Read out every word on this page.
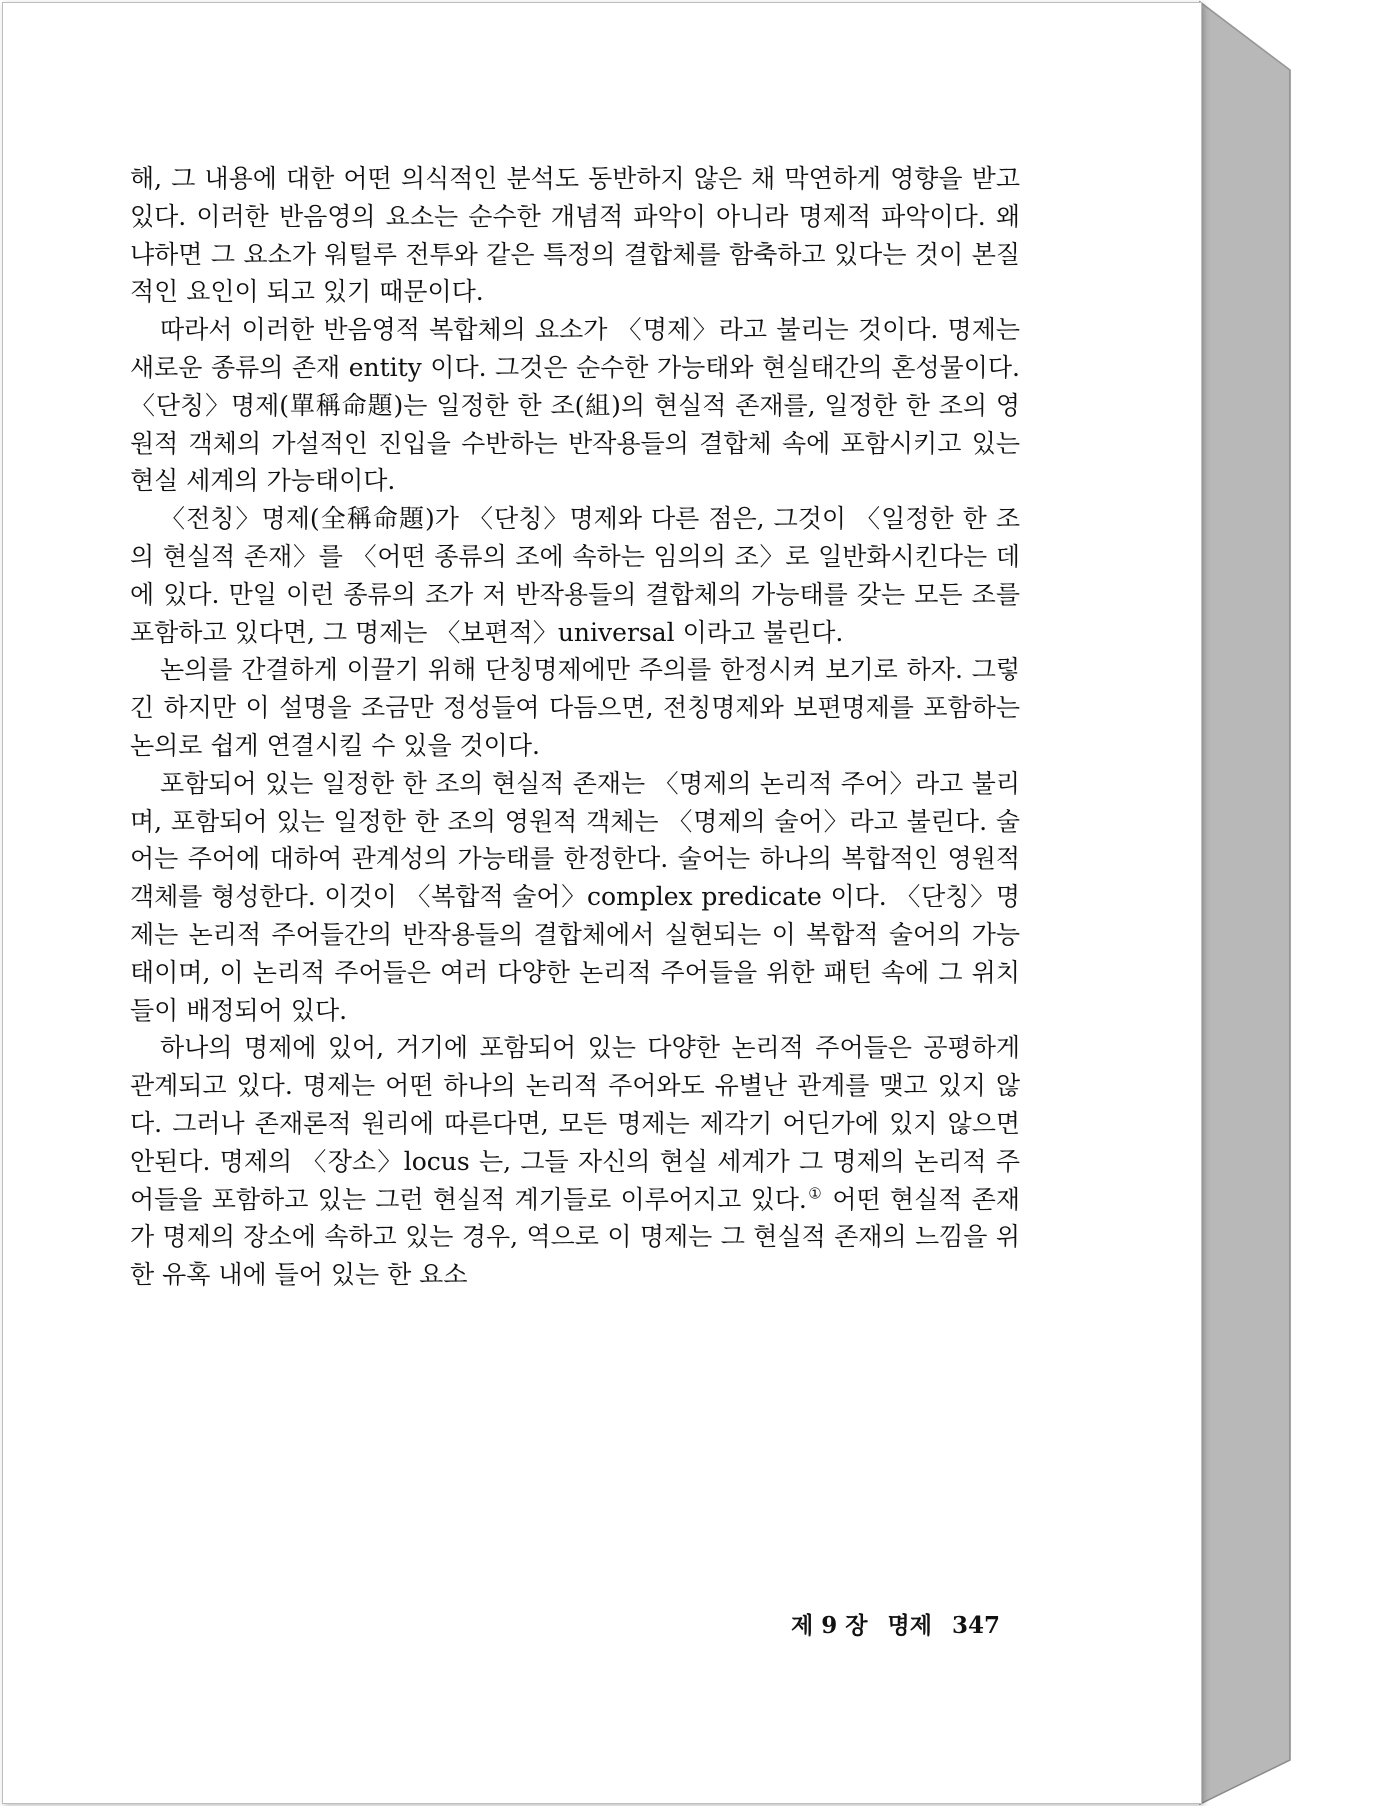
해, 그 내용에 대한 어떤 의식적인 분석도 동반하지 않은 채 막연하게 영향을 받고 있다. 이러한 반음영의 요소는 순수한 개념적 파악이 아니라 명제적 파악이다. 왜냐하면 그 요소가 워털루 전투와 같은 특정의 결합체를 함축하고 있다는 것이 본질적인 요인이 되고 있기 때문이다.

따라서 이러한 반음영적 복합체의 요소가 〈명제〉라고 불리는 것이다. 명제는 새로운 종류의 존재 entity 이다. 그것은 순수한 가능태와 현실태간의 혼성물이다. 〈단칭〉명제(單稱命題)는 일정한 한 조(組)의 현실적 존재를, 일정한 한 조의 영원적 객체의 가설적인 진입을 수반하는 반작용들의 결합체 속에 포함시키고 있는 현실 세계의 가능태이다.

〈전칭〉명제(全稱命題)가 〈단칭〉명제와 다른 점은, 그것이 〈일정한 한 조의 현실적 존재〉를 〈어떤 종류의 조에 속하는 임의의 조〉로 일반화시킨다는 데에 있다. 만일 이런 종류의 조가 저 반작용들의 결합체의 가능태를 갖는 모든 조를 포함하고 있다면, 그 명제는 〈보편적〉universal 이라고 불린다.

논의를 간결하게 이끌기 위해 단칭명제에만 주의를 한정시켜 보기로 하자. 그렇긴 하지만 이 설명을 조금만 정성들여 다듬으면, 전칭명제와 보편명제를 포함하는 논의로 쉽게 연결시킬 수 있을 것이다.

포함되어 있는 일정한 한 조의 현실적 존재는 〈명제의 논리적 주어〉라고 불리며, 포함되어 있는 일정한 한 조의 영원적 객체는 〈명제의 술어〉라고 불린다. 술어는 주어에 대하여 관계성의 가능태를 한정한다. 술어는 하나의 복합적인 영원적 객체를 형성한다. 이것이 〈복합적 술어〉complex predicate 이다. 〈단칭〉명제는 논리적 주어들간의 반작용들의 결합체에서 실현되는 이 복합적 술어의 가능태이며, 이 논리적 주어들은 여러 다양한 논리적 주어들을 위한 패턴 속에 그 위치들이 배정되어 있다.

하나의 명제에 있어, 거기에 포함되어 있는 다양한 논리적 주어들은 공평하게 관계되고 있다. 명제는 어떤 하나의 논리적 주어와도 유별난 관계를 맺고 있지 않다. 그러나 존재론적 원리에 따른다면, 모든 명제는 제각기 어딘가에 있지 않으면 안된다. 명제의 〈장소〉locus 는, 그들 자신의 현실 세계가 그 명제의 논리적 주어들을 포함하고 있는 그런 현실적 계기들로 이루어지고 있다.① 어떤 현실적 존재가 명제의 장소에 속하고 있는 경우, 역으로 이 명제는 그 현실적 존재의 느낌을 위한 유혹 내에 들어 있는 한 요소

제 9 장 명제 347
